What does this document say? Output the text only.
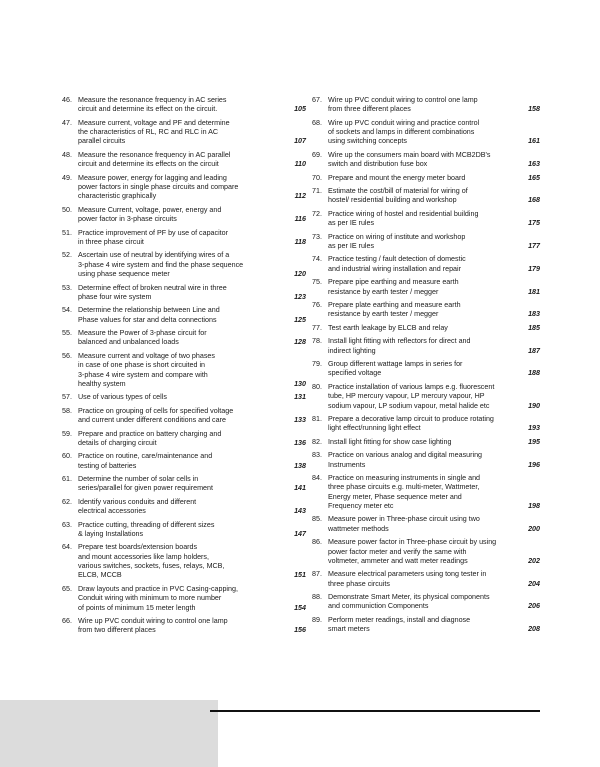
46. Measure the resonance frequency in AC series
circuit and determine its effect on the circuit.	105
47. Measure current, voltage and PF and determine
the characteristics of RL, RC and RLC in AC
parallel circuits	107
48. Measure the resonance frequency in AC parallel
circuit and determine its effects on the circuit	110
49. Measure power, energy for lagging and leading
power factors in single phase circuits and compare
characteristic graphically	112
50. Measure Current, voltage, power, energy and
power factor in 3-phase circuits	116
51. Practice improvement of PF by use of capacitor
in three phase circuit	118
52. Ascertain use of neutral by identifying wires of a
3-phase 4 wire system and find the phase sequence
using phase sequence meter	120
53. Determine effect of broken neutral wire in three
phase four wire system	123
54. Determine the relationship between Line and
Phase values for star and delta connections	125
55. Measure the Power of 3-phase circuit for
balanced and unbalanced loads	128
56. Measure current and voltage of two phases
in case of one phase is short circuited in
3-phase 4 wire system and compare with
healthy system	130
57. Use of various types of cells	131
58. Practice on grouping of cells for specified voltage
and current under different conditions and care	133
59. Prepare and practice on battery charging and
details of charging circuit	136
60. Practice on routine, care/maintenance and
testing of batteries	138
61. Determine the number of solar cells in
series/parallel for given power requirement	141
62. Identify various conduits and different
electrical accessories	143
63. Practice cutting, threading of different sizes
& laying Installations	147
64. Prepare test boards/extension boards
and mount accessories like lamp holders,
various switches, sockets, fuses, relays, MCB,
ELCB, MCCB	151
65. Draw layouts and practice in PVC Casing-capping,
Conduit wiring with minimum to more number
of points of minimum 15 meter length	154
66. Wire up PVC conduit wiring to control one lamp
from two different places	156
67. Wire up PVC conduit wiring to control one lamp
from three different places	158
68. Wire up PVC conduit wiring and practice control
of sockets and lamps in different combinations
using switching concepts	161
69. Wire up the consumers main board with MCB2DB's
switch and distribution fuse box	163
70. Prepare and mount the energy meter board	165
71. Estimate the cost/bill of material for wiring of
hostel/ residential building and workshop	168
72. Practice wiring of hostel and residential building
as per IE rules	175
73. Practice on wiring of institute and workshop
as per IE rules	177
74. Practice testing / fault detection of domestic
and industrial wiring installation and repair	179
75. Prepare pipe earthing and measure earth
resistance by earth tester / megger	181
76. Prepare plate earthing and measure earth
resistance by earth tester / megger	183
77. Test earth leakage by ELCB and relay	185
78. Install light fitting with reflectors for direct and
indirect lighting	187
79. Group different wattage lamps in series for
specified voltage	188
80. Practice installation of various lamps e.g. fluorescent
tube, HP mercury vapour, LP mercury vapour, HP
sodium vapour, LP sodium vapour, metal halide etc	190
81. Prepare a decorative lamp circuit to produce rotating
light effect/running light effect	193
82. Install light fitting for show case lighting	195
83. Practice on various analog and digital measuring
Instruments	196
84. Practice on measuring instruments in single and
three phase circuits e.g. multi-meter, Wattmeter,
Energy meter, Phase sequence meter and
Frequency meter etc	198
85. Measure power in Three-phase circuit using two
wattmeter methods	200
86. Measure power factor in Three-phase circuit by using
power factor meter and verify the same with
voltmeter, ammeter and watt meter readings	202
87. Measure electrical parameters using tong tester in
three phase circuits	204
88. Demonstrate Smart Meter, its physical components
and communiction Components	206
89. Perform meter readings, install and diagnose
smart meters	208
